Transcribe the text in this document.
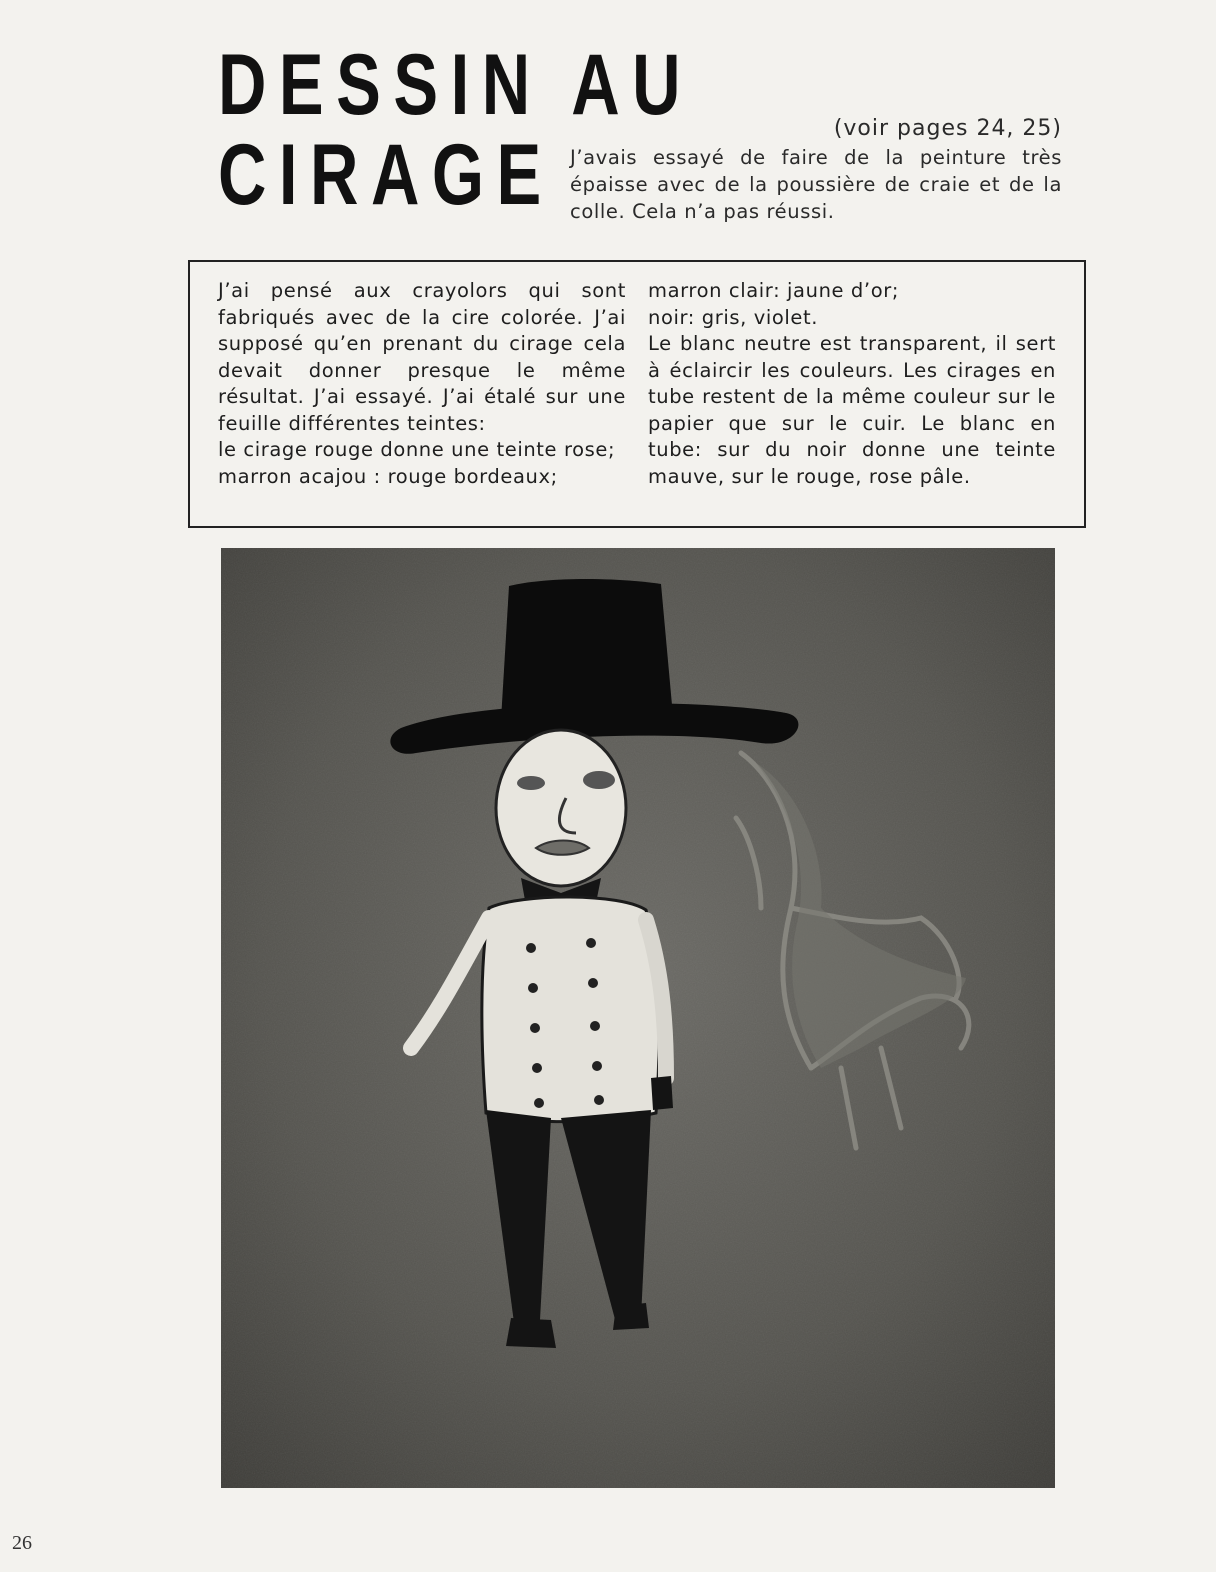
DESSIN AU
CIRAGE	(voir pages 24, 25)

J’avais essayé de faire de la peinture très épaisse avec de la poussière de craie et de la colle. Cela n’a pas réussi.

J’ai pensé aux crayolors qui sont fabriqués avec de la cire colorée. J’ai supposé qu’en prenant du cirage cela devait donner presque le même résultat. J’ai essayé. J’ai étalé sur une feuille différentes teintes:

le cirage rouge donne une teinte rose;

marron acajou : rouge bordeaux;

marron clair: jaune d’or;

noir: gris, violet.

Le blanc neutre est transparent, il sert à éclaircir les couleurs. Les cirages en tube restent de la même couleur sur le papier que sur le cuir. Le blanc en tube: sur du noir donne une teinte mauve, sur le rouge, rose pâle.

26
